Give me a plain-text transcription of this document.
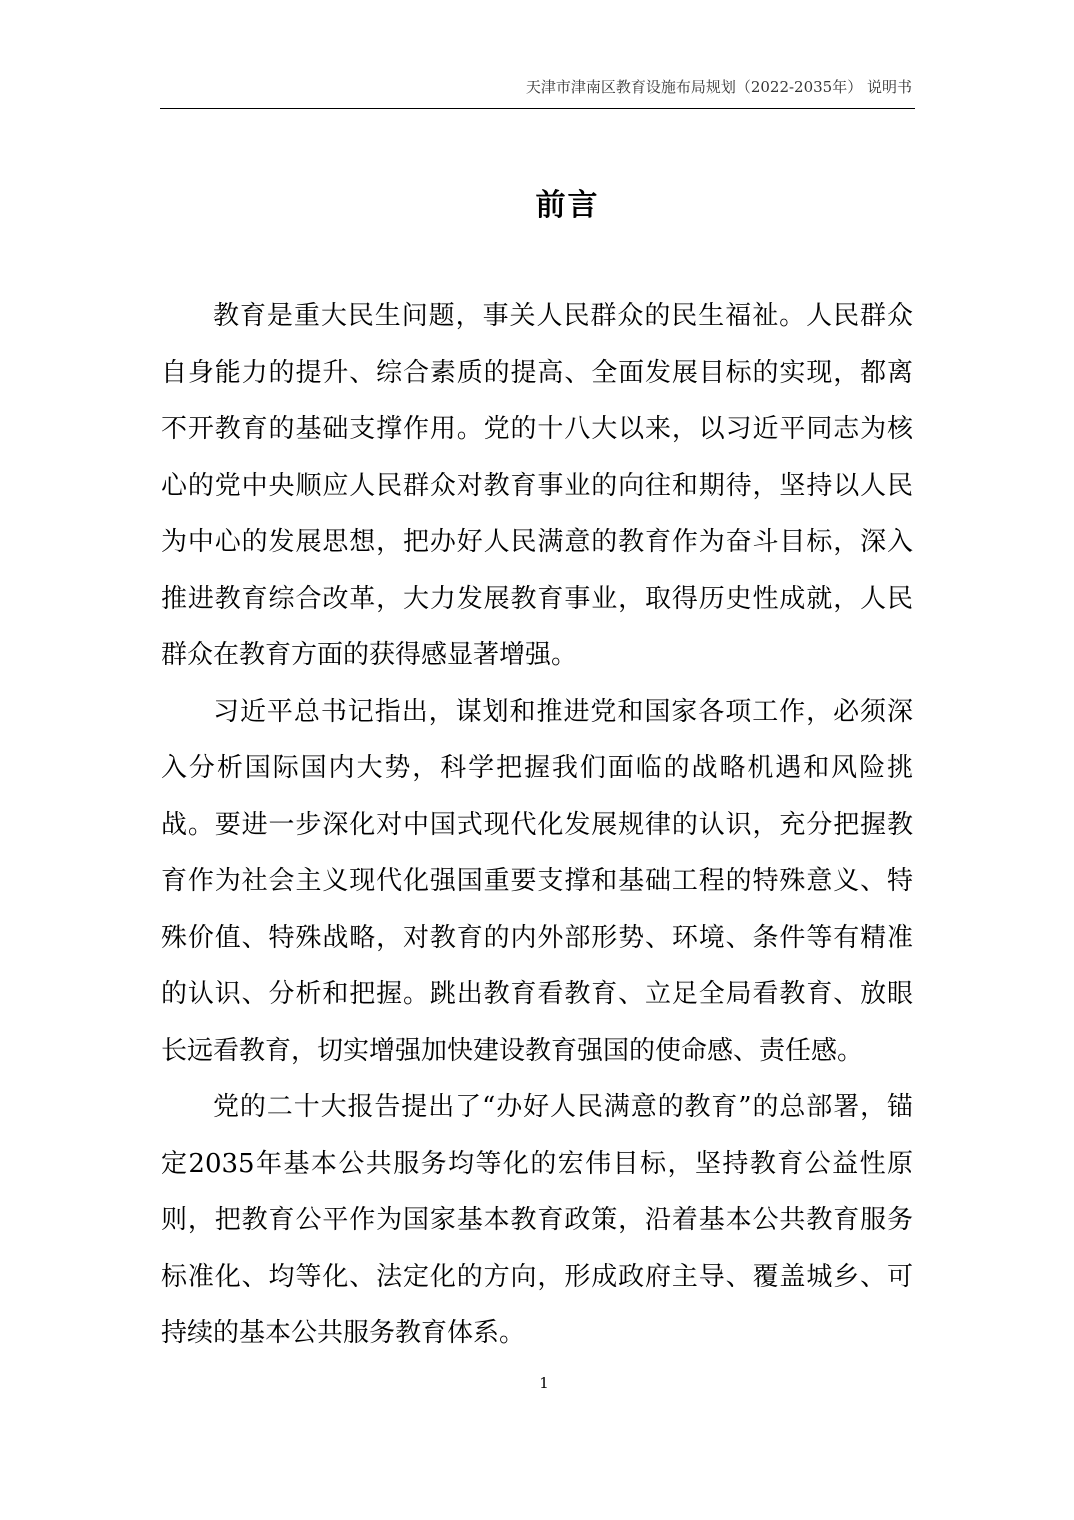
天津市津南区教育设施布局规划（2022-2035年） 说明书
前言

教育是重大民生问题，事关人民群众的民生福祉。人民群众自身能力的提升、综合素质的提高、全面发展目标的实现，都离不开教育的基础支撑作用。党的十八大以来，以习近平同志为核心的党中央顺应人民群众对教育事业的向往和期待，坚持以人民为中心的发展思想，把办好人民满意的教育作为奋斗目标，深入推进教育综合改革，大力发展教育事业，取得历史性成就，人民群众在教育方面的获得感显著增强。

习近平总书记指出，谋划和推进党和国家各项工作，必须深入分析国际国内大势，科学把握我们面临的战略机遇和风险挑战。要进一步深化对中国式现代化发展规律的认识，充分把握教育作为社会主义现代化强国重要支撑和基础工程的特殊意义、特殊价值、特殊战略，对教育的内外部形势、环境、条件等有精准的认识、分析和把握。跳出教育看教育、立足全局看教育、放眼长远看教育，切实增强加快建设教育强国的使命感、责任感。

党的二十大报告提出了“办好人民满意的教育”的总部署，锚定2035年基本公共服务均等化的宏伟目标，坚持教育公益性原则，把教育公平作为国家基本教育政策，沿着基本公共教育服务标准化、均等化、法定化的方向，形成政府主导、覆盖城乡、可持续的基本公共服务教育体系。

1
